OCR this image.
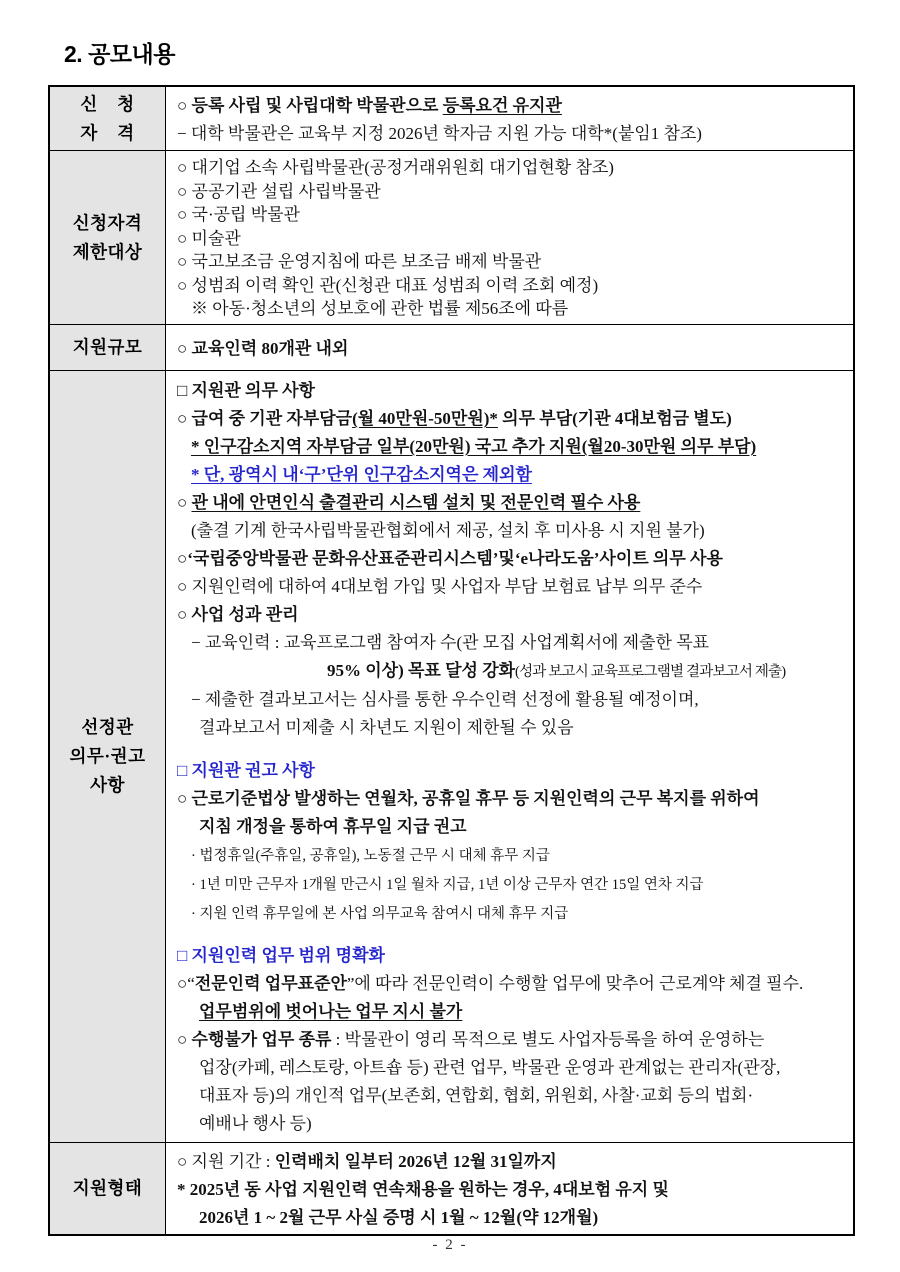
2. 공모내용
신    청
자    격
○ 등록 사립 및 사립대학 박물관으로 등록요건 유지관
− 대학 박물관은 교육부 지정 2026년 학자금 지원 가능 대학*(붙임1 참조)
신청자격
제한대상
○ 대기업 소속 사립박물관(공정거래위원회 대기업현황 참조)
○ 공공기관 설립 사립박물관
○ 국·공립 박물관
○ 미술관
○ 국고보조금 운영지침에 따른 보조금 배제 박물관
○ 성범죄 이력 확인 관(신청관 대표 성범죄 이력 조회 예정)
※ 아동·청소년의 성보호에 관한 법률 제56조에 따름
지원규모 ○ 교육인력 80개관 내외
선정관
의무·권고
사항
□ 지원관 의무 사항
○ 급여 중 기관 자부담금(월 40만원-50만원)* 의무 부담(기관 4대보험금 별도)
* 인구감소지역 자부담금 일부(20만원) 국고 추가 지원(월20-30만원 의무 부담)
* 단, 광역시 내‘구’단위 인구감소지역은 제외함
○ 관 내에 안면인식 출결관리 시스템 설치 및 전문인력 필수 사용
(출결 기계 한국사립박물관협회에서 제공, 설치 후 미사용 시 지원 불가)
○‘국립중앙박물관 문화유산표준관리시스템’및‘e나라도움’사이트 의무 사용
○ 지원인력에 대하여 4대보험 가입 및 사업자 부담 보험료 납부 의무 준수
○ 사업 성과 관리
− 교육인력 : 교육프로그램 참여자 수(관 모집 사업계획서에 제출한 목표
95% 이상) 목표 달성 강화(성과 보고시 교육프로그램별 결과보고서 제출)
− 제출한 결과보고서는 심사를 통한 우수인력 선정에 활용될 예정이며,
결과보고서 미제출 시 차년도 지원이 제한될 수 있음
□ 지원관 권고 사항
○ 근로기준법상 발생하는 연월차, 공휴일 휴무 등 지원인력의 근무 복지를 위하여
지침 개정을 통하여 휴무일 지급 권고
· 법정휴일(주휴일, 공휴일), 노동절 근무 시 대체 휴무 지급
· 1년 미만 근무자 1개월 만근시 1일 월차 지급, 1년 이상 근무자 연간 15일 연차 지급
· 지원 인력 휴무일에 본 사업 의무교육 참여시 대체 휴무 지급
□ 지원인력 업무 범위 명확화
○“전문인력 업무표준안”에 따라 전문인력이 수행할 업무에 맞추어 근로계약 체결 필수.
업무범위에 벗어나는 업무 지시 불가
○ 수행불가 업무 종류 : 박물관이 영리 목적으로 별도 사업자등록을 하여 운영하는
업장(카페, 레스토랑, 아트숍 등) 관련 업무, 박물관 운영과 관계없는 관리자(관장,
대표자 등)의 개인적 업무(보존회, 연합회, 협회, 위원회, 사찰·교회 등의 법회·
예배나 행사 등)
지원형태
○ 지원 기간 : 인력배치 일부터 2026년 12월 31일까지
* 2025년 동 사업 지원인력 연속채용을 원하는 경우, 4대보험 유지 및
2026년 1 ~ 2월 근무 사실 증명 시 1월 ~ 12월(약 12개월)
- 2 -
